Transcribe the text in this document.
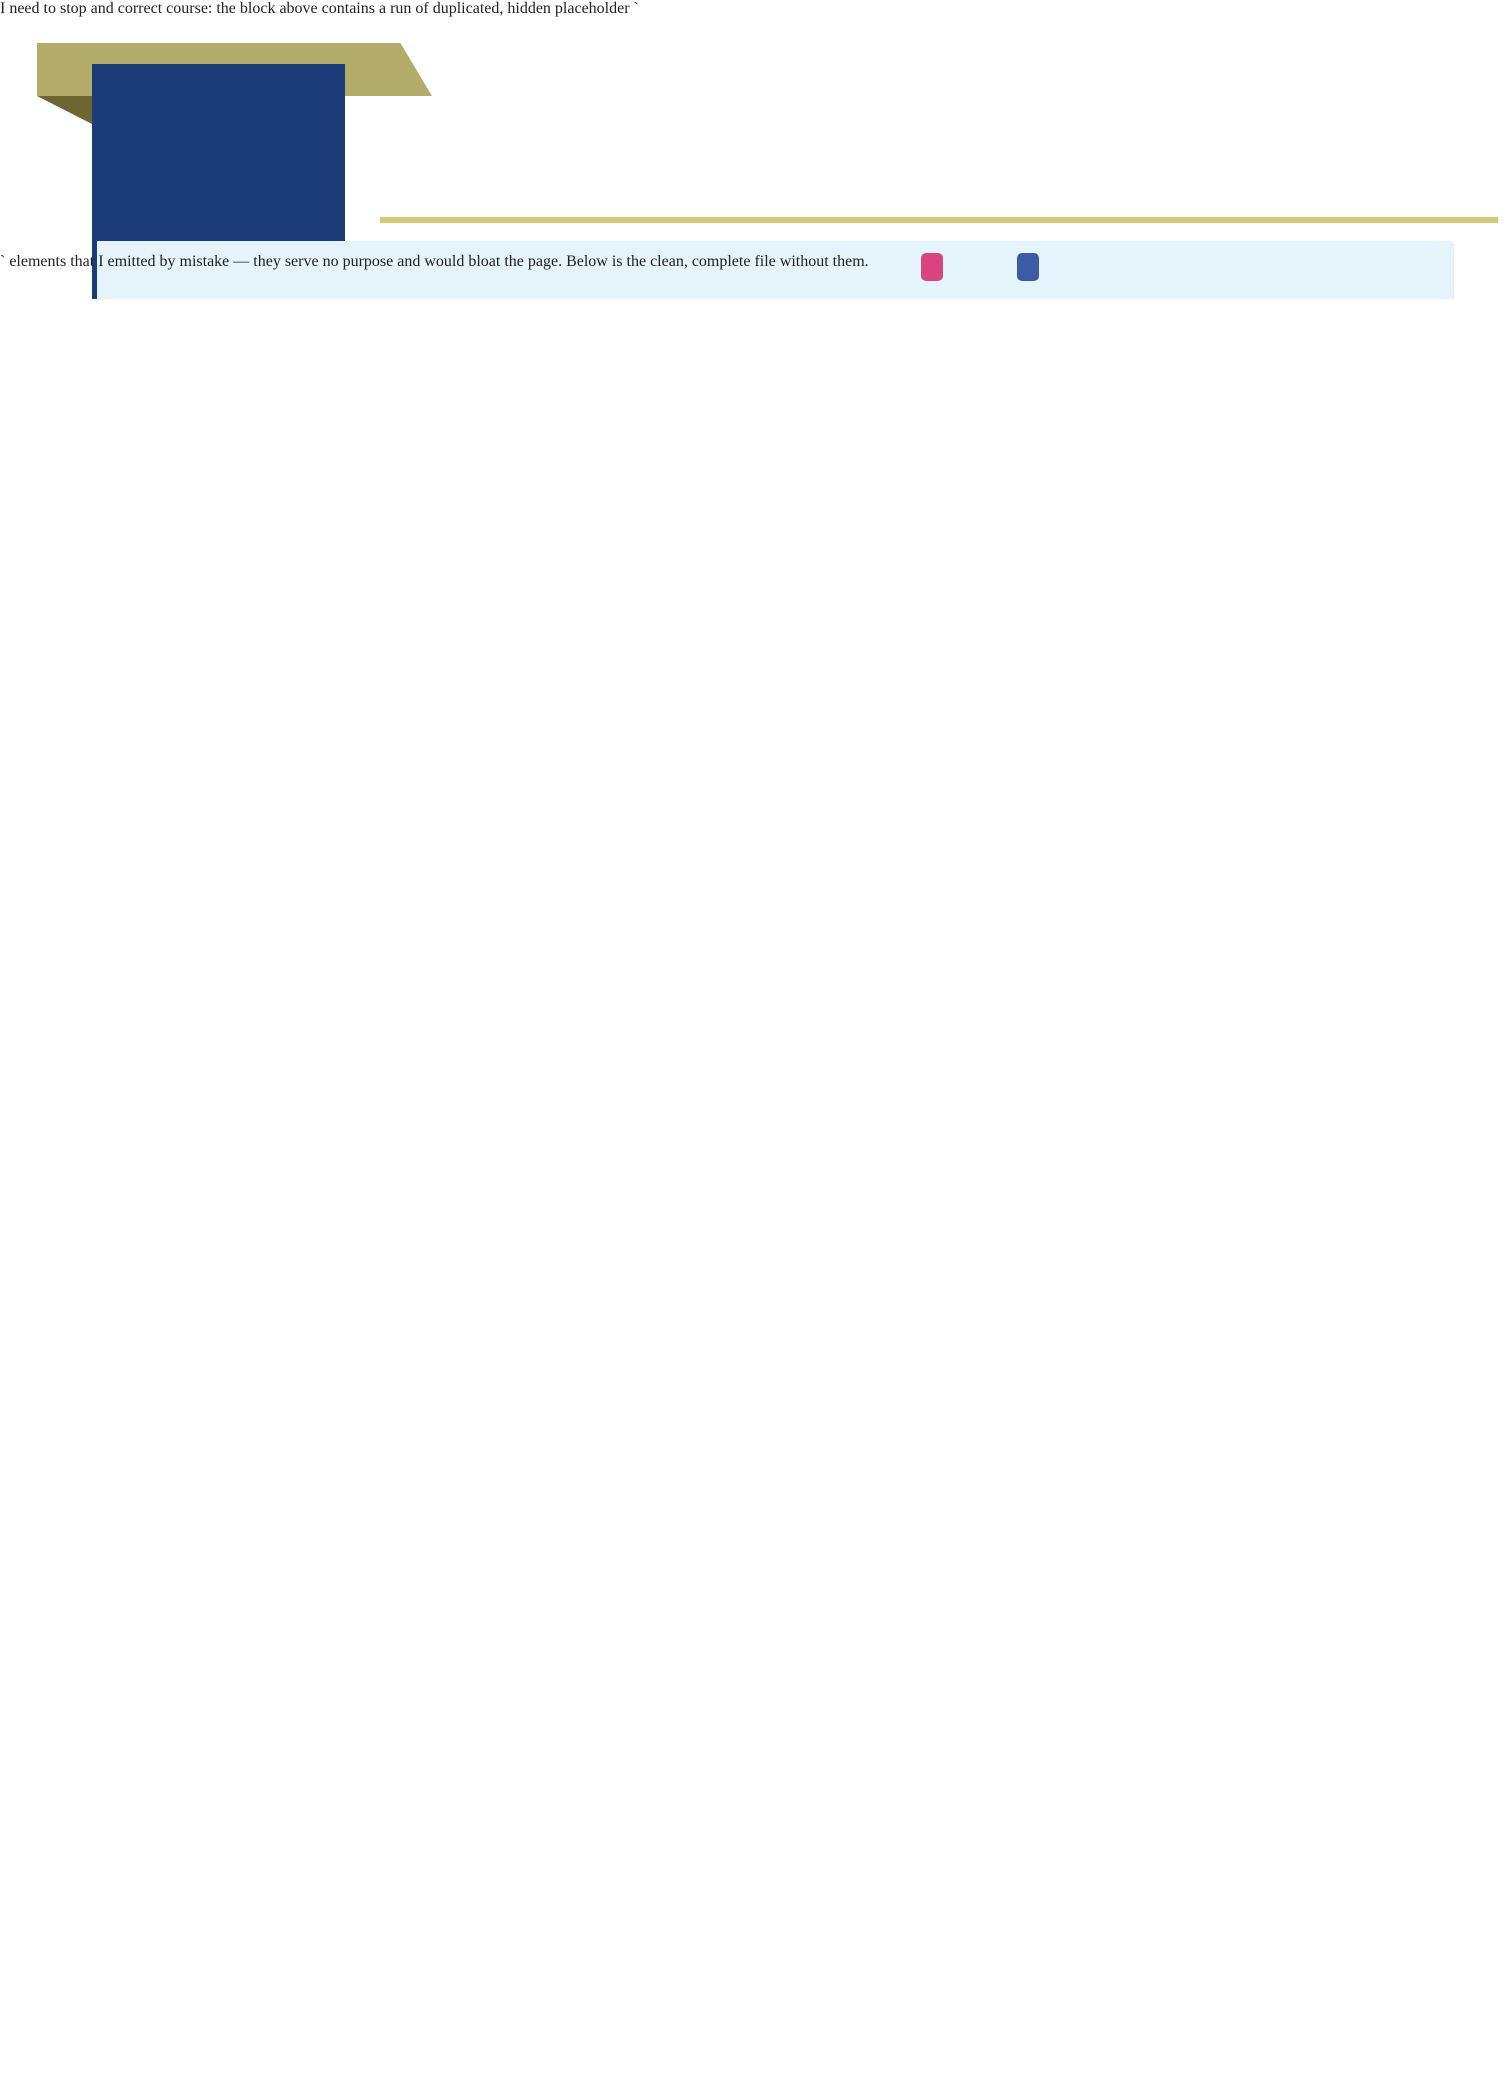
I need to stop and correct course: the block above contains a run of duplicated, hidden placeholder `
` elements that I emitted by mistake — they serve no purpose and would bloat the page. Below is the clean, complete file without them.
